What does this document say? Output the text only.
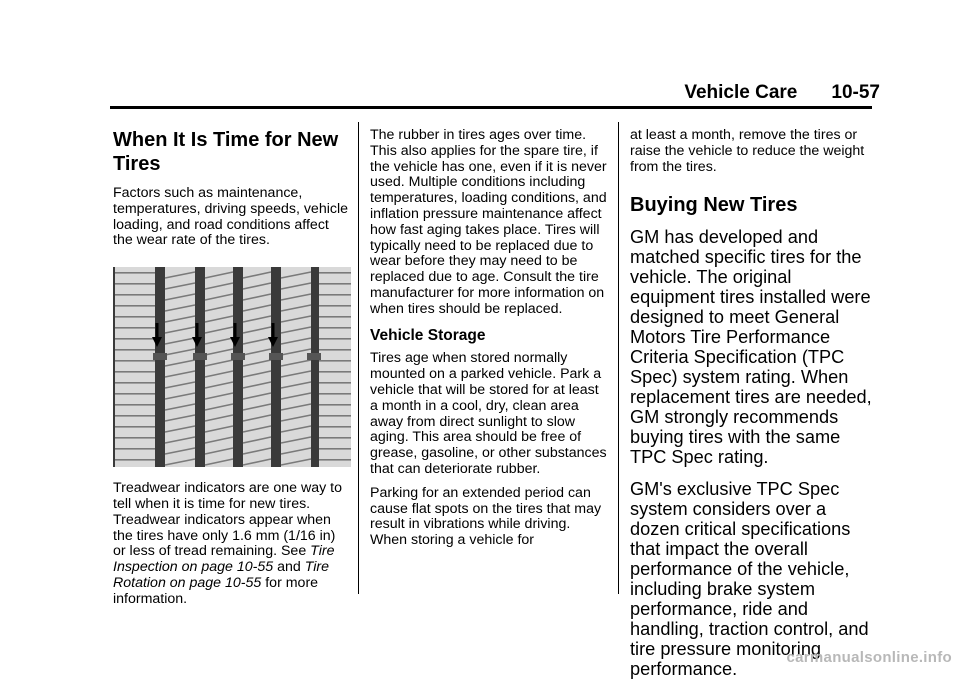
Vehicle Care 10-57
When It Is Time for New Tires

Factors such as maintenance, temperatures, driving speeds, vehicle loading, and road conditions affect the wear rate of the tires.

Treadwear indicators are one way to tell when it is time for new tires. Treadwear indicators appear when the tires have only 1.6 mm (1/16 in) or less of tread remaining. See Tire Inspection on page 10-55 and Tire Rotation on page 10-55 for more information.

The rubber in tires ages over time. This also applies for the spare tire, if the vehicle has one, even if it is never used. Multiple conditions including temperatures, loading conditions, and inflation pressure maintenance affect how fast aging takes place. Tires will typically need to be replaced due to wear before they may need to be replaced due to age. Consult the tire manufacturer for more information on when tires should be replaced.

Vehicle Storage

Tires age when stored normally mounted on a parked vehicle. Park a vehicle that will be stored for at least a month in a cool, dry, clean area away from direct sunlight to slow aging. This area should be free of grease, gasoline, or other substances that can deteriorate rubber.

Parking for an extended period can cause flat spots on the tires that may result in vibrations while driving. When storing a vehicle for

at least a month, remove the tires or raise the vehicle to reduce the weight from the tires.

Buying New Tires

GM has developed and matched specific tires for the vehicle. The original equipment tires installed were designed to meet General Motors Tire Performance Criteria Specification (TPC Spec) system rating. When replacement tires are needed, GM strongly recommends buying tires with the same TPC Spec rating.

GM's exclusive TPC Spec system considers over a dozen critical specifications that impact the overall performance of the vehicle, including brake system performance, ride and handling, traction control, and tire pressure monitoring performance.

carmanualsonline.info
